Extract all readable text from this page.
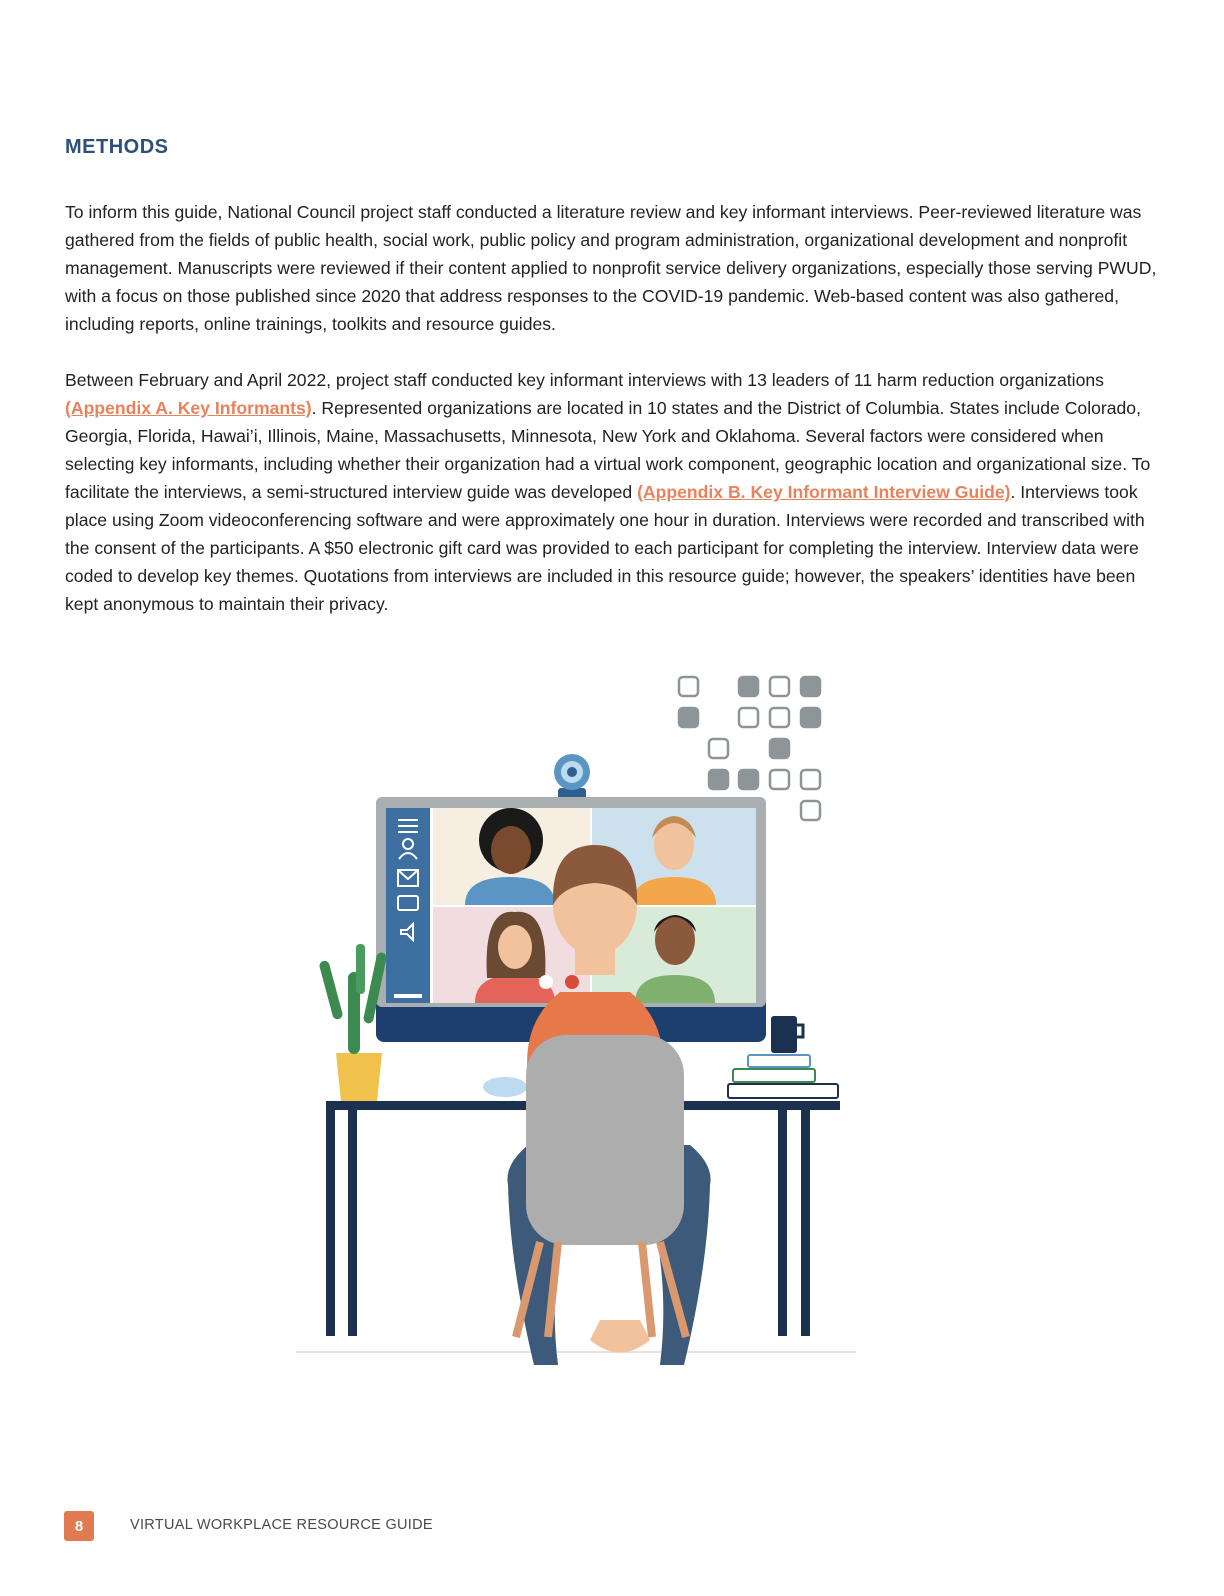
METHODS

To inform this guide, National Council project staff conducted a literature review and key informant interviews. Peer-reviewed literature was gathered from the fields of public health, social work, public policy and program administration, organizational development and nonprofit management. Manuscripts were reviewed if their content applied to nonprofit service delivery organizations, especially those serving PWUD, with a focus on those published since 2020 that address responses to the COVID-19 pandemic. Web-based content was also gathered, including reports, online trainings, toolkits and resource guides.

Between February and April 2022, project staff conducted key informant interviews with 13 leaders of 11 harm reduction organizations (Appendix A. Key Informants). Represented organizations are located in 10 states and the District of Columbia. States include Colorado, Georgia, Florida, Hawai’i, Illinois, Maine, Massachusetts, Minnesota, New York and Oklahoma. Several factors were considered when selecting key informants, including whether their organization had a virtual work component, geographic location and organizational size. To facilitate the interviews, a semi-structured interview guide was developed (Appendix B. Key Informant Interview Guide). Interviews took place using Zoom videoconferencing software and were approximately one hour in duration. Interviews were recorded and transcribed with the consent of the participants. A $50 electronic gift card was provided to each participant for completing the interview. Interview data were coded to develop key themes. Quotations from interviews are included in this resource guide; however, the speakers’ identities have been kept anonymous to maintain their privacy.

8	VIRTUAL WORKPLACE RESOURCE GUIDE
